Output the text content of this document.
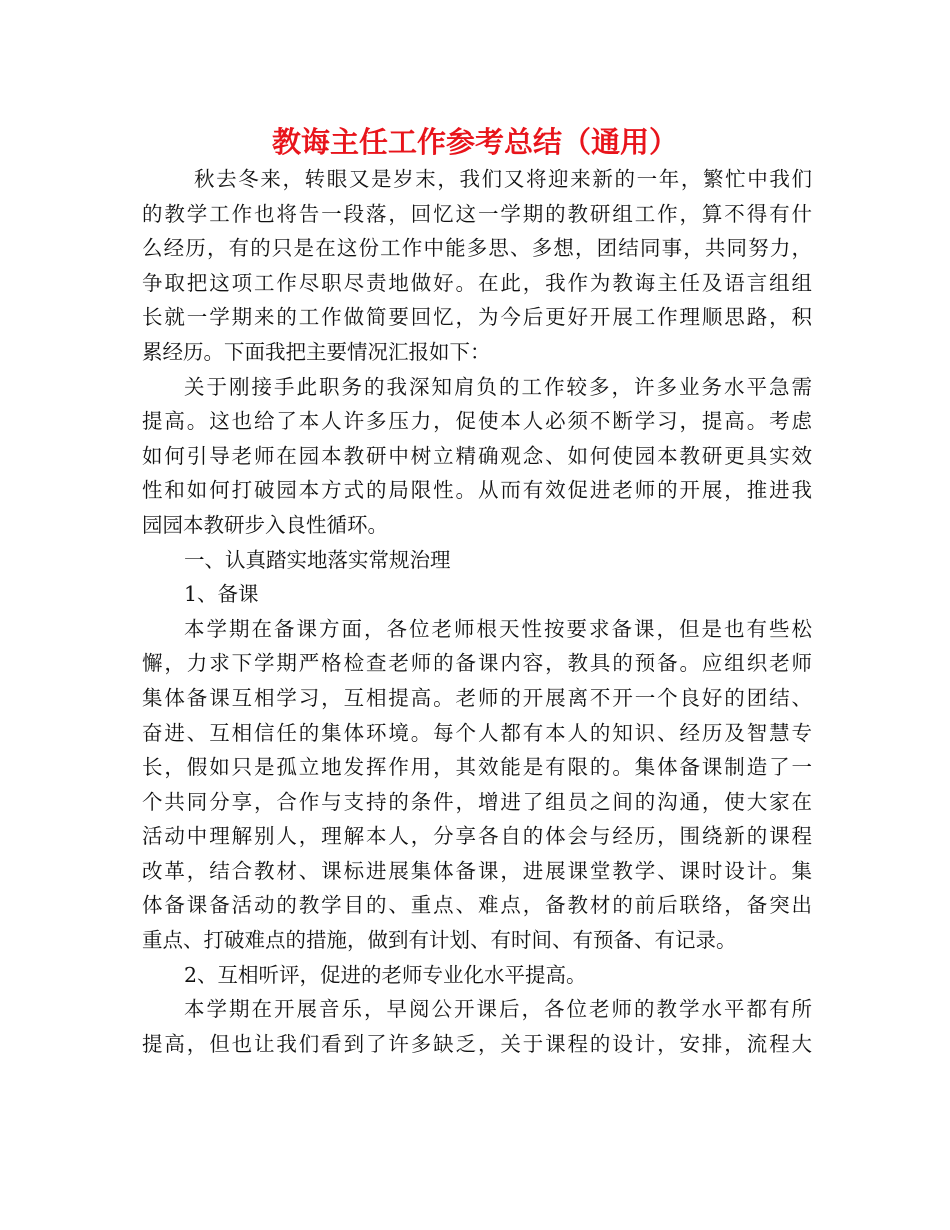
教诲主任工作参考总结（通用）
秋去冬来，转眼又是岁末，我们又将迎来新的一年，繁忙中我们
的教学工作也将告一段落，回忆这一学期的教研组工作，算不得有什
么经历，有的只是在这份工作中能多思、多想，团结同事，共同努力，
争取把这项工作尽职尽责地做好。在此，我作为教诲主任及语言组组
长就一学期来的工作做简要回忆，为今后更好开展工作理顺思路，积
累经历。下面我把主要情况汇报如下：
关于刚接手此职务的我深知肩负的工作较多，许多业务水平急需
提高。这也给了本人许多压力，促使本人必须不断学习，提高。考虑
如何引导老师在园本教研中树立精确观念、如何使园本教研更具实效
性和如何打破园本方式的局限性。从而有效促进老师的开展，推进我
园园本教研步入良性循环。
一、认真踏实地落实常规治理
1、备课
本学期在备课方面，各位老师根天性按要求备课，但是也有些松
懈，力求下学期严格检查老师的备课内容，教具的预备。应组织老师
集体备课互相学习，互相提高。老师的开展离不开一个良好的团结、
奋进、互相信任的集体环境。每个人都有本人的知识、经历及智慧专
长，假如只是孤立地发挥作用，其效能是有限的。集体备课制造了一
个共同分享，合作与支持的条件，增进了组员之间的沟通，使大家在
活动中理解别人，理解本人，分享各自的体会与经历，围绕新的课程
改革，结合教材、课标进展集体备课，进展课堂教学、课时设计。集
体备课备活动的教学目的、重点、难点，备教材的前后联络，备突出
重点、打破难点的措施，做到有计划、有时间、有预备、有记录。
2、互相听评，促进的老师专业化水平提高。
本学期在开展音乐，早阅公开课后，各位老师的教学水平都有所
提高，但也让我们看到了许多缺乏，关于课程的设计，安排，流程大
